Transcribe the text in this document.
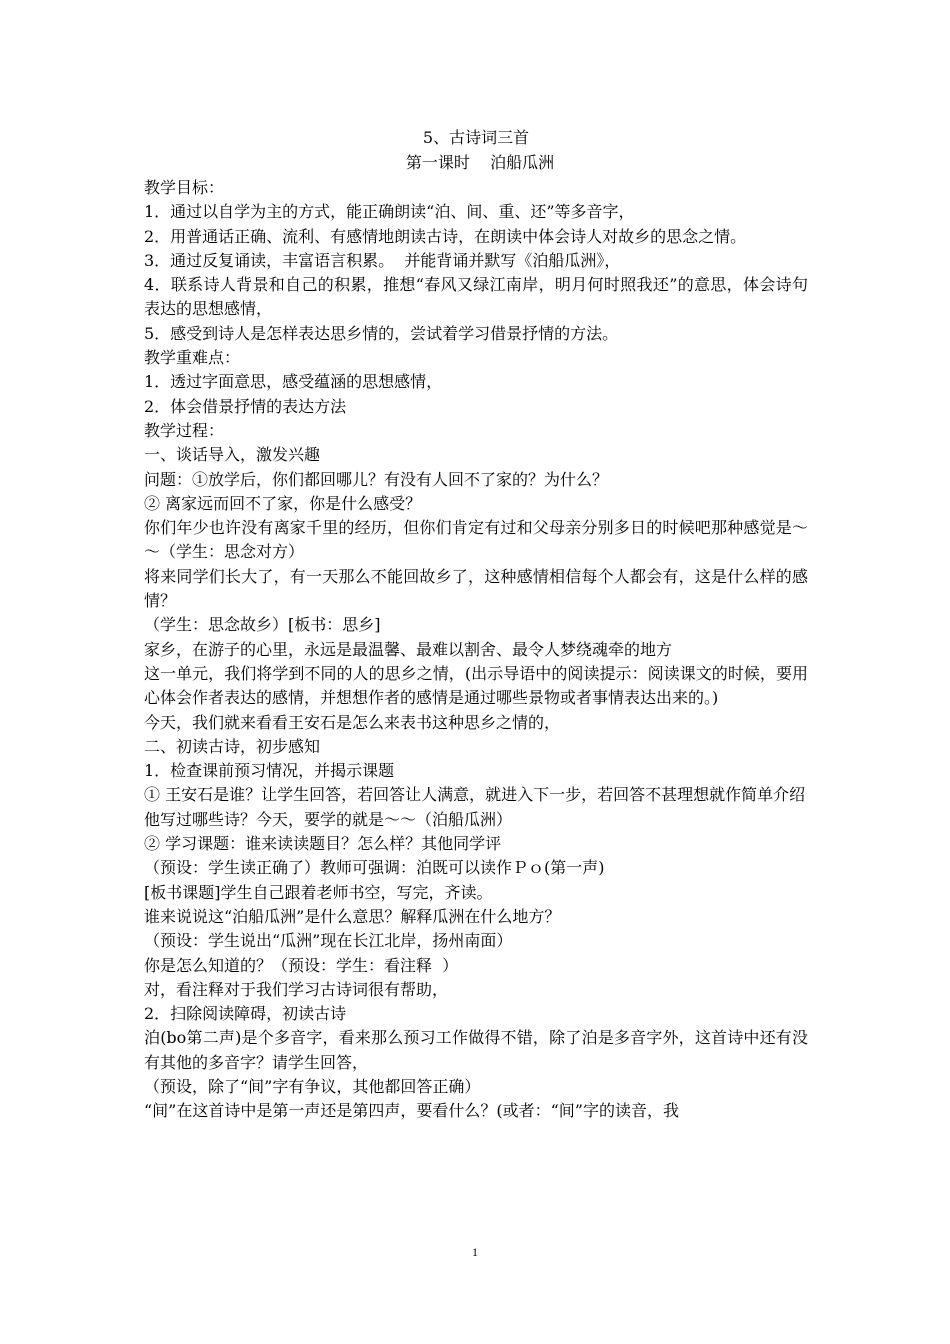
5、古诗词三首
第一课时    泊船瓜洲
教学目标：
1．通过以自学为主的方式，能正确朗读“泊、间、重、还”等多音字，
2．用普通话正确、流利、有感情地朗读古诗，在朗读中体会诗人对故乡的思念之情。
3．通过反复诵读，丰富语言积累。  并能背诵并默写《泊船瓜洲》，
4．联系诗人背景和自己的积累，推想“春风又绿江南岸，明月何时照我还”的意思，体会诗句表达的思想感情，
5．感受到诗人是怎样表达思乡情的，尝试着学习借景抒情的方法。
教学重难点：
1．透过字面意思，感受蕴涵的思想感情，
2．体会借景抒情的表达方法
教学过程：
一、谈话导入，激发兴趣
问题：①放学后，你们都回哪儿？有没有人回不了家的？为什么？
② 离家远而回不了家，你是什么感受？
你们年少也许没有离家千里的经历，但你们肯定有过和父母亲分别多日的时候吧那种感觉是～～（学生：思念对方）
将来同学们长大了，有一天那么不能回故乡了，这种感情相信每个人都会有，这是什么样的感情？
（学生：思念故乡）[板书：思乡]
家乡，在游子的心里，永远是最温馨、最难以割舍、最令人梦绕魂牵的地方
这一单元，我们将学到不同的人的思乡之情，(出示导语中的阅读提示：阅读课文的时候，要用心体会作者表达的感情，并想想作者的感情是通过哪些景物或者事情表达出来的。)
今天，我们就来看看王安石是怎么来表书这种思乡之情的，
二、初读古诗，初步感知
1．检查课前预习情况，并揭示课题
① 王安石是谁？让学生回答，若回答让人满意，就进入下一步，若回答不甚理想就作简单介绍
他写过哪些诗？今天，要学的就是～～（泊船瓜洲）
② 学习课题：谁来读读题目？怎么样？其他同学评
（预设：学生读正确了）教师可强调：泊既可以读作Ｐｏ(第一声)
[板书课题]学生自己跟着老师书空，写完，齐读。
谁来说说这“泊船瓜洲”是什么意思？解释瓜洲在什么地方？
（预设：学生说出“瓜洲”现在长江北岸，扬州南面）
你是怎么知道的？（预设：学生：看注释  ）
对，看注释对于我们学习古诗词很有帮助，
2．扫除阅读障碍，初读古诗
泊(bo第二声)是个多音字，看来那么预习工作做得不错，除了泊是多音字外，这首诗中还有没有其他的多音字？请学生回答，
（预设，除了“间”字有争议，其他都回答正确）
“间”在这首诗中是第一声还是第四声，要看什么？(或者：“间”字的读音，我
1
